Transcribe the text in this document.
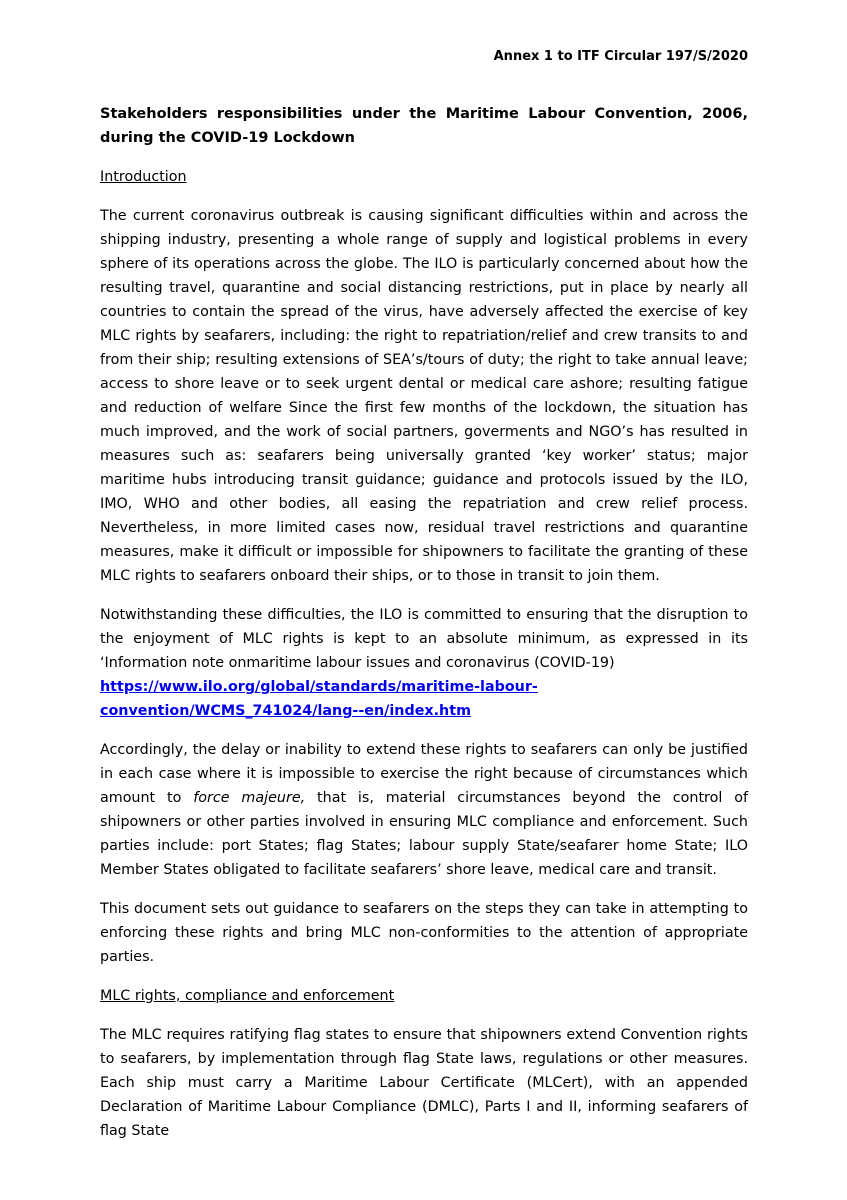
Annex 1 to ITF Circular 197/S/2020
Stakeholders responsibilities under the Maritime Labour Convention, 2006, during the COVID-19 Lockdown
Introduction

The current coronavirus outbreak is causing significant difficulties within and across the shipping industry, presenting a whole range of supply and logistical problems in every sphere of its operations across the globe. The ILO is particularly concerned about how the resulting travel, quarantine and social distancing restrictions, put in place by nearly all countries to contain the spread of the virus, have adversely affected the exercise of key MLC rights by seafarers, including: the right to repatriation/relief and crew transits to and from their ship; resulting extensions of SEA’s/tours of duty; the right to take annual leave; access to shore leave or to seek urgent dental or medical care ashore; resulting fatigue and reduction of welfare Since the first few months of the lockdown, the situation has much improved, and the work of social partners, goverments and NGO’s has resulted in measures such as: seafarers being universally granted ‘key worker’ status; major maritime hubs introducing transit guidance; guidance and protocols issued by the ILO, IMO, WHO and other bodies, all easing the repatriation and crew relief process. Nevertheless, in more limited cases now, residual travel restrictions and quarantine measures, make it difficult or impossible for shipowners to facilitate the granting of these MLC rights to seafarers onboard their ships, or to those in transit to join them.

Notwithstanding these difficulties, the ILO is committed to ensuring that the disruption to the enjoyment of MLC rights is kept to an absolute minimum, as expressed in its ‘Information note onmaritime labour issues and coronavirus (COVID-19)

https://www.ilo.org/global/standards/maritime-labour-
convention/WCMS_741024/lang--en/index.htm

Accordingly, the delay or inability to extend these rights to seafarers can only be justified in each case where it is impossible to exercise the right because of circumstances which amount to force majeure, that is, material circumstances beyond the control of shipowners or other parties involved in ensuring MLC compliance and enforcement. Such parties include: port States; flag States; labour supply State/seafarer home State; ILO Member States obligated to facilitate seafarers’ shore leave, medical care and transit.

This document sets out guidance to seafarers on the steps they can take in attempting to enforcing these rights and bring MLC non-conformities to the attention of appropriate parties.

MLC rights, compliance and enforcement

The MLC requires ratifying flag states to ensure that shipowners extend Convention rights to seafarers, by implementation through flag State laws, regulations or other measures. Each ship must carry a Maritime Labour Certificate (MLCert), with an appended Declaration of Maritime Labour Compliance (DMLC), Parts I and II, informing seafarers of flag State
